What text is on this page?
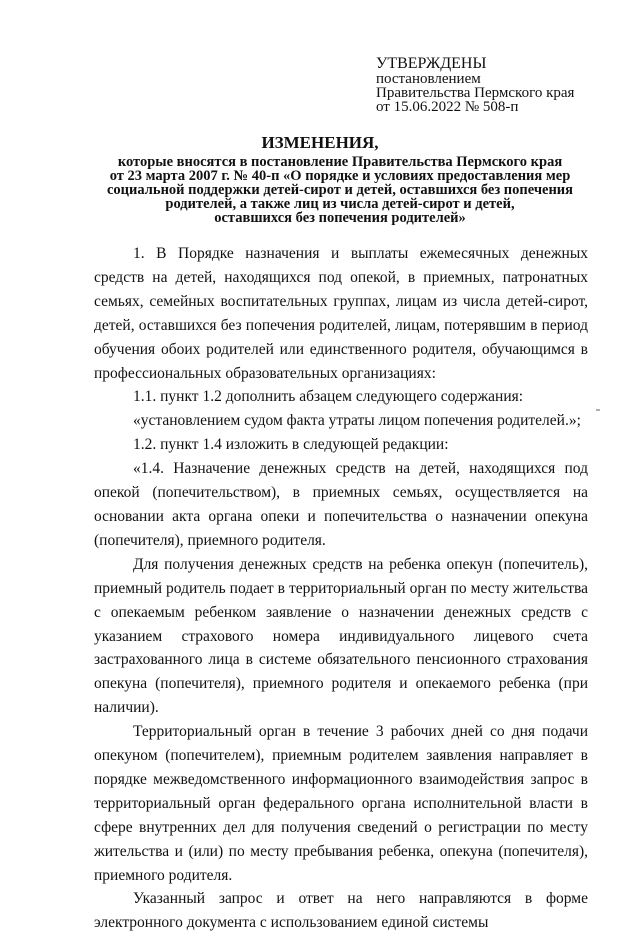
УТВЕРЖДЕНЫ
постановлением
Правительства Пермского края
от 15.06.2022 № 508-п
ИЗМЕНЕНИЯ,
которые вносятся в постановление Правительства Пермского края
от 23 марта 2007 г. № 40-п «О порядке и условиях предоставления мер
социальной поддержки детей-сирот и детей, оставшихся без попечения
родителей, а также лиц из числа детей-сирот и детей,
оставшихся без попечения родителей»

1. В Порядке назначения и выплаты ежемесячных денежных средств на детей, находящихся под опекой, в приемных, патронатных семьях, семейных воспитательных группах, лицам из числа детей-сирот, детей, оставшихся без попечения родителей, лицам, потерявшим в период обучения обоих родителей или единственного родителя, обучающимся в профессиональных образовательных организациях:

1.1. пункт 1.2 дополнить абзацем следующего содержания:

«установлением судом факта утраты лицом попечения родителей.»;

1.2. пункт 1.4 изложить в следующей редакции:

«1.4. Назначение денежных средств на детей, находящихся под опекой (попечительством), в приемных семьях, осуществляется на основании акта органа опеки и попечительства о назначении опекуна (попечителя), приемного родителя.

Для получения денежных средств на ребенка опекун (попечитель), приемный родитель подает в территориальный орган по месту жительства с опекаемым ребенком заявление о назначении денежных средств с указанием страхового номера индивидуального лицевого счета застрахованного лица в системе обязательного пенсионного страхования опекуна (попечителя), приемного родителя и опекаемого ребенка (при наличии).

Территориальный орган в течение 3 рабочих дней со дня подачи опекуном (попечителем), приемным родителем заявления направляет в порядке межведомственного информационного взаимодействия запрос в территориальный орган федерального органа исполнительной власти в сфере внутренних дел для получения сведений о регистрации по месту жительства и (или) по месту пребывания ребенка, опекуна (попечителя), приемного родителя.

Указанный запрос и ответ на него направляются в форме электронного документа с использованием единой системы
